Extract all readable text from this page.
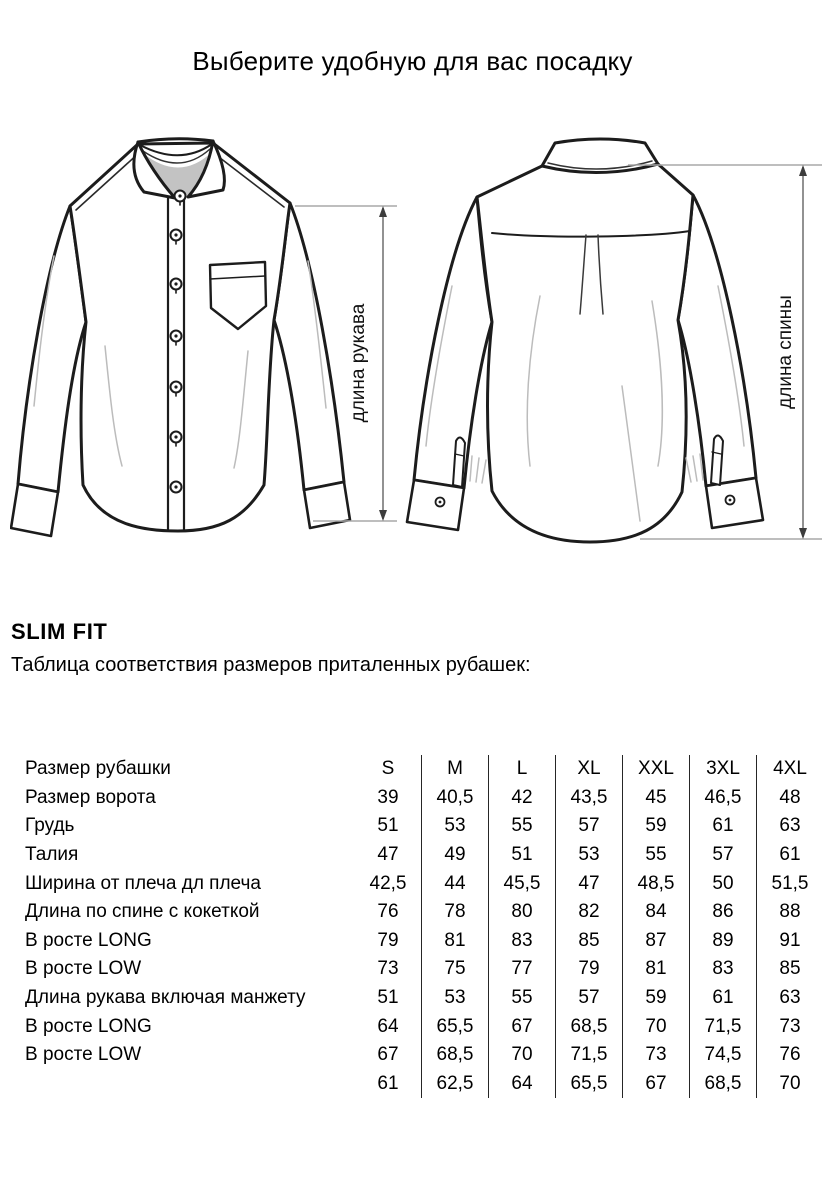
Выберите удобную для вас посадку
длина рукава	длина спины
SLIM FIT
Таблица соответствия размеров приталенных рубашек:
Размер рубашки	S	M	L	XL	XXL	3XL	4XL
Размер ворота	39	40,5	42	43,5	45	46,5	48
Грудь	51	53	55	57	59	61	63
Талия	47	49	51	53	55	57	61
Ширина от плеча дл плеча	42,5	44	45,5	47	48,5	50	51,5
Длина по спине с кокеткой	76	78	80	82	84	86	88
В росте LONG	79	81	83	85	87	89	91
В росте LOW	73	75	77	79	81	83	85
Длина рукава включая манжету	51	53	55	57	59	61	63
В росте LONG	64	65,5	67	68,5	70	71,5	73
В росте LOW	67	68,5	70	71,5	73	74,5	76
	61	62,5	64	65,5	67	68,5	70
